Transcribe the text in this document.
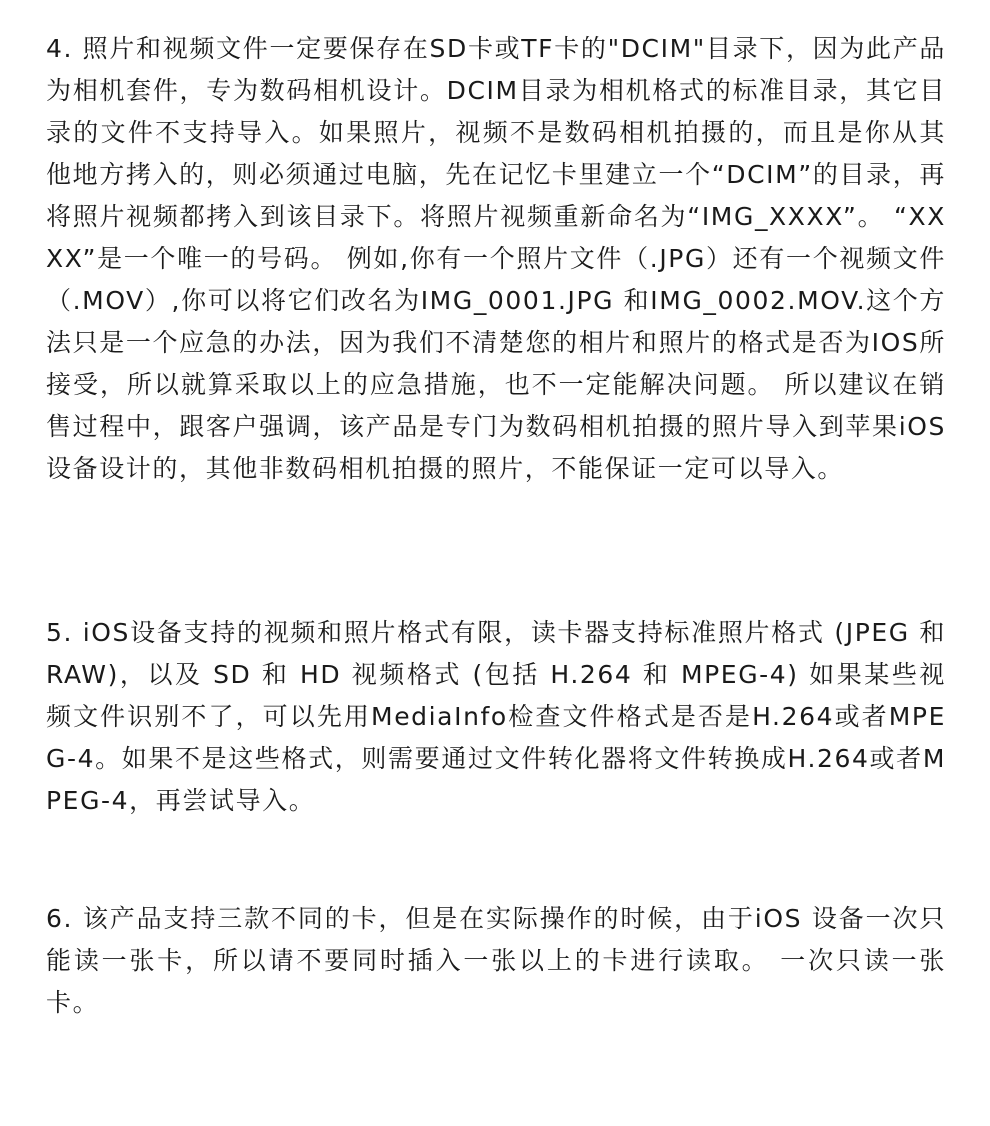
4. 照片和视频文件一定要保存在SD卡或TF卡的"DCIM"目录下，因为此产品为相机套件，专为数码相机设计。DCIM目录为相机格式的标准目录，其它目录的文件不支持导入。如果照片，视频不是数码相机拍摄的，而且是你从其他地方拷入的，则必须通过电脑，先在记忆卡里建立一个“DCIM”的目录，再将照片视频都拷入到该目录下。将照片视频重新命名为“IMG_XXXX”。 “XXXX”是一个唯一的号码。 例如,你有一个照片文件（.JPG）还有一个视频文件（.MOV）,你可以将它们改名为IMG_0001.JPG 和IMG_0002.MOV.这个方法只是一个应急的办法，因为我们不清楚您的相片和照片的格式是否为IOS所接受，所以就算采取以上的应急措施，也不一定能解决问题。 所以建议在销售过程中，跟客户强调，该产品是专门为数码相机拍摄的照片导入到苹果iOS设备设计的，其他非数码相机拍摄的照片，不能保证一定可以导入。

5. iOS设备支持的视频和照片格式有限，读卡器支持标准照片格式 (JPEG 和 RAW)，以及 SD 和 HD 视频格式 (包括 H.264 和 MPEG-4) 如果某些视频文件识别不了，可以先用MediaInfo检查文件格式是否是H.264或者MPEG-4。如果不是这些格式，则需要通过文件转化器将文件转换成H.264或者MPEG-4，再尝试导入。

6. 该产品支持三款不同的卡，但是在实际操作的时候，由于iOS 设备一次只能读一张卡，所以请不要同时插入一张以上的卡进行读取。 一次只读一张卡。
